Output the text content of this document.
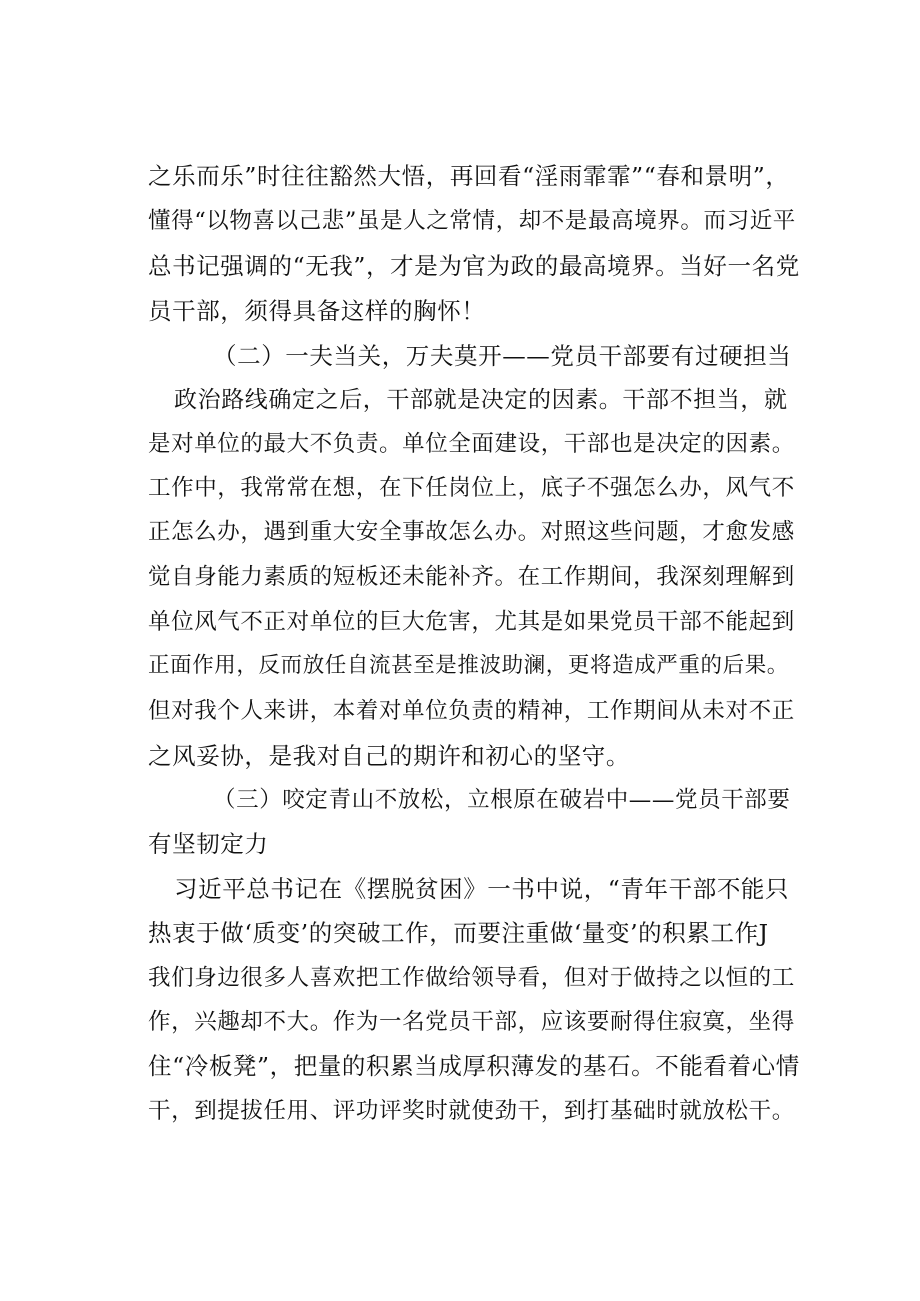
之乐而乐”时往往豁然大悟，再回看“淫雨霏霏”“春和景明”，
懂得“以物喜以己悲”虽是人之常情，却不是最高境界。而习近平
总书记强调的“无我”，才是为官为政的最高境界。当好一名党
员干部，须得具备这样的胸怀！
（二）一夫当关，万夫莫开——党员干部要有过硬担当
政治路线确定之后，干部就是决定的因素。干部不担当，就
是对单位的最大不负责。单位全面建设，干部也是决定的因素。
工作中，我常常在想，在下任岗位上，底子不强怎么办，风气不
正怎么办，遇到重大安全事故怎么办。对照这些问题，才愈发感
觉自身能力素质的短板还未能补齐。在工作期间，我深刻理解到
单位风气不正对单位的巨大危害，尤其是如果党员干部不能起到
正面作用，反而放任自流甚至是推波助澜，更将造成严重的后果。
但对我个人来讲，本着对单位负责的精神，工作期间从未对不正
之风妥协，是我对自己的期许和初心的坚守。
（三）咬定青山不放松，立根原在破岩中——党员干部要
有坚韧定力
习近平总书记在《摆脱贫困》一书中说，“青年干部不能只
热衷于做‘质变’的突破工作，而要注重做‘量变’的积累工作J
我们身边很多人喜欢把工作做给领导看，但对于做持之以恒的工
作，兴趣却不大。作为一名党员干部，应该要耐得住寂寞，坐得
住“冷板凳”，把量的积累当成厚积薄发的基石。不能看着心情
干，到提拔任用、评功评奖时就使劲干，到打基础时就放松干。
